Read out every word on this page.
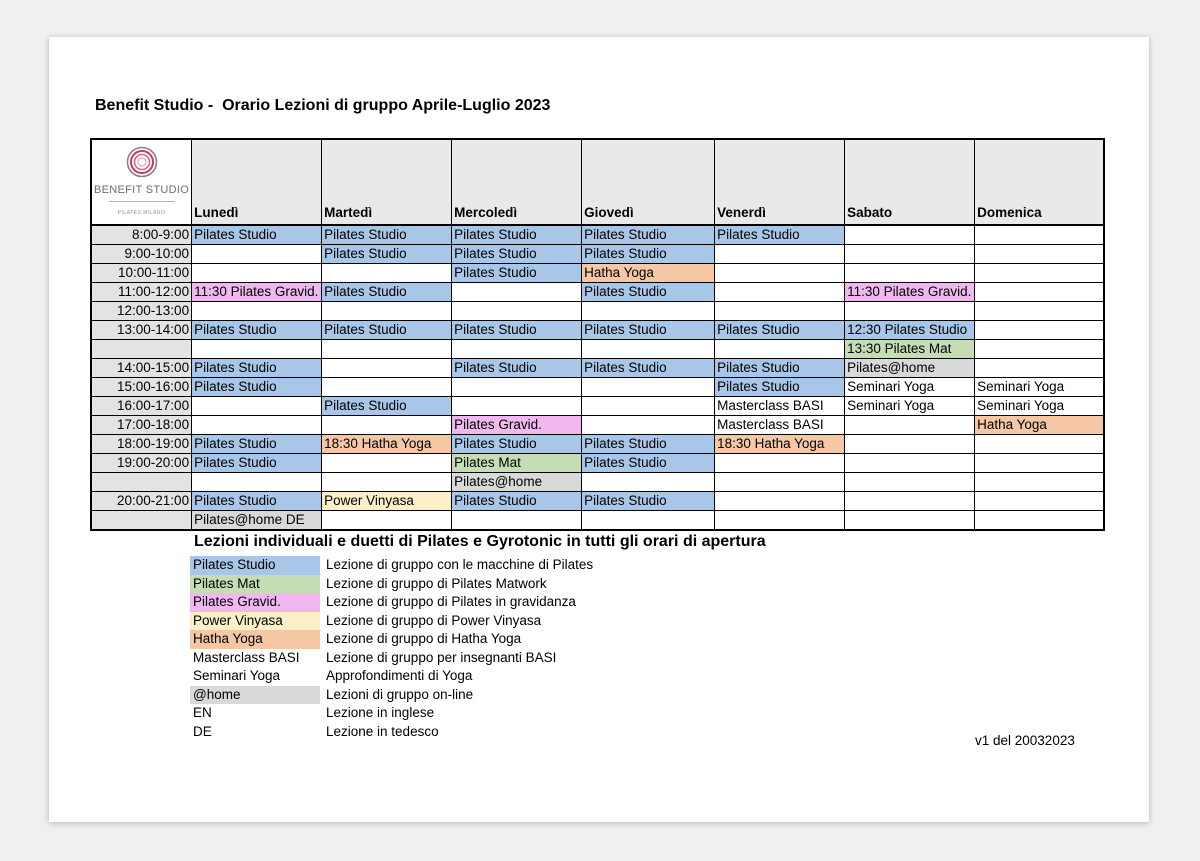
Benefit Studio -  Orario Lezioni di gruppo Aprile-Luglio 2023
BENEFIT STUDIO
PILATES MILANO	Lunedì	Martedì	Mercoledì	Giovedì	Venerdì	Sabato	Domenica
8:00-9:00	Pilates Studio	Pilates Studio	Pilates Studio	Pilates Studio	Pilates Studio		
9:00-10:00		Pilates Studio	Pilates Studio	Pilates Studio			
10:00-11:00			Pilates Studio	Hatha Yoga			
11:00-12:00	11:30 Pilates Gravid.	Pilates Studio		Pilates Studio		11:30 Pilates Gravid.	
12:00-13:00							
13:00-14:00	Pilates Studio	Pilates Studio	Pilates Studio	Pilates Studio	Pilates Studio	12:30 Pilates Studio	
						13:30 Pilates Mat	
14:00-15:00	Pilates Studio		Pilates Studio	Pilates Studio	Pilates Studio	Pilates@home	
15:00-16:00	Pilates Studio				Pilates Studio	Seminari Yoga	Seminari Yoga
16:00-17:00		Pilates Studio			Masterclass BASI	Seminari Yoga	Seminari Yoga
17:00-18:00			Pilates Gravid.		Masterclass BASI		Hatha Yoga
18:00-19:00	Pilates Studio	18:30 Hatha Yoga	Pilates Studio	Pilates Studio	18:30 Hatha Yoga		
19:00-20:00	Pilates Studio		Pilates Mat	Pilates Studio			
			Pilates@home				
20:00-21:00	Pilates Studio	Power Vinyasa	Pilates Studio	Pilates Studio			
	Pilates@home DE						
Lezioni individuali e duetti di Pilates e Gyrotonic in tutti gli orari di apertura
Pilates Studio	Lezione di gruppo con le macchine di Pilates
Pilates Mat	Lezione di gruppo di Pilates Matwork
Pilates Gravid.	Lezione di gruppo di Pilates in gravidanza
Power Vinyasa	Lezione di gruppo di Power Vinyasa
Hatha Yoga	Lezione di gruppo di Hatha Yoga
Masterclass BASI	Lezione di gruppo per insegnanti BASI
Seminari Yoga	Approfondimenti di Yoga
@home	Lezioni di gruppo on-line
EN	Lezione in inglese
DE	Lezione in tedesco
v1 del 20032023
